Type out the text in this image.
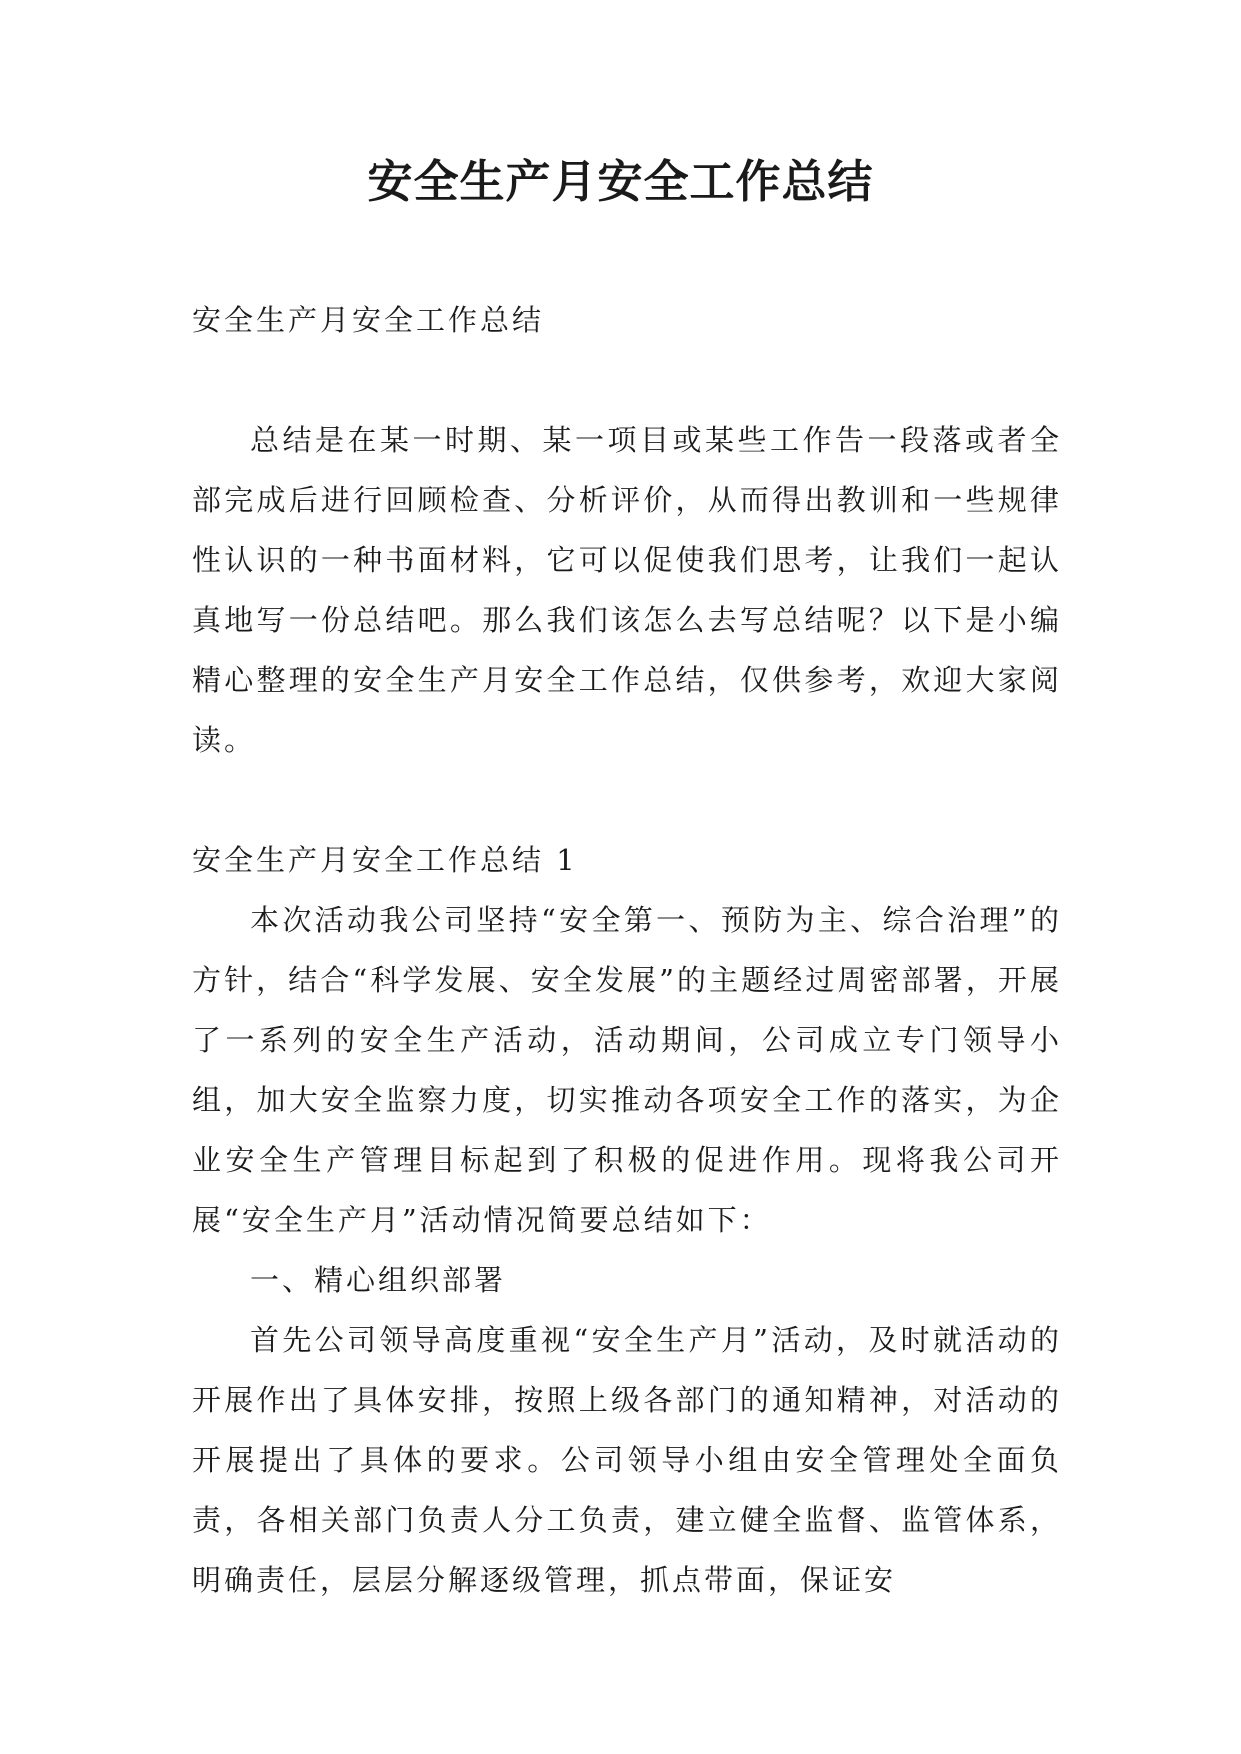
安全生产月安全工作总结

安全生产月安全工作总结

总结是在某一时期、某一项目或某些工作告一段落或者全部完成后进行回顾检查、分析评价，从而得出教训和一些规律性认识的一种书面材料，它可以促使我们思考，让我们一起认真地写一份总结吧。那么我们该怎么去写总结呢？以下是小编精心整理的安全生产月安全工作总结，仅供参考，欢迎大家阅读。

安全生产月安全工作总结 1

本次活动我公司坚持“安全第一、预防为主、综合治理”的方针，结合“科学发展、安全发展”的主题经过周密部署，开展了一系列的安全生产活动，活动期间，公司成立专门领导小组，加大安全监察力度，切实推动各项安全工作的落实，为企业安全生产管理目标起到了积极的促进作用。现将我公司开展“安全生产月”活动情况简要总结如下：

一、精心组织部署

首先公司领导高度重视“安全生产月”活动，及时就活动的开展作出了具体安排，按照上级各部门的通知精神，对活动的开展提出了具体的要求。公司领导小组由安全管理处全面负责，各相关部门负责人分工负责，建立健全监督、监管体系，明确责任，层层分解逐级管理，抓点带面，保证安
